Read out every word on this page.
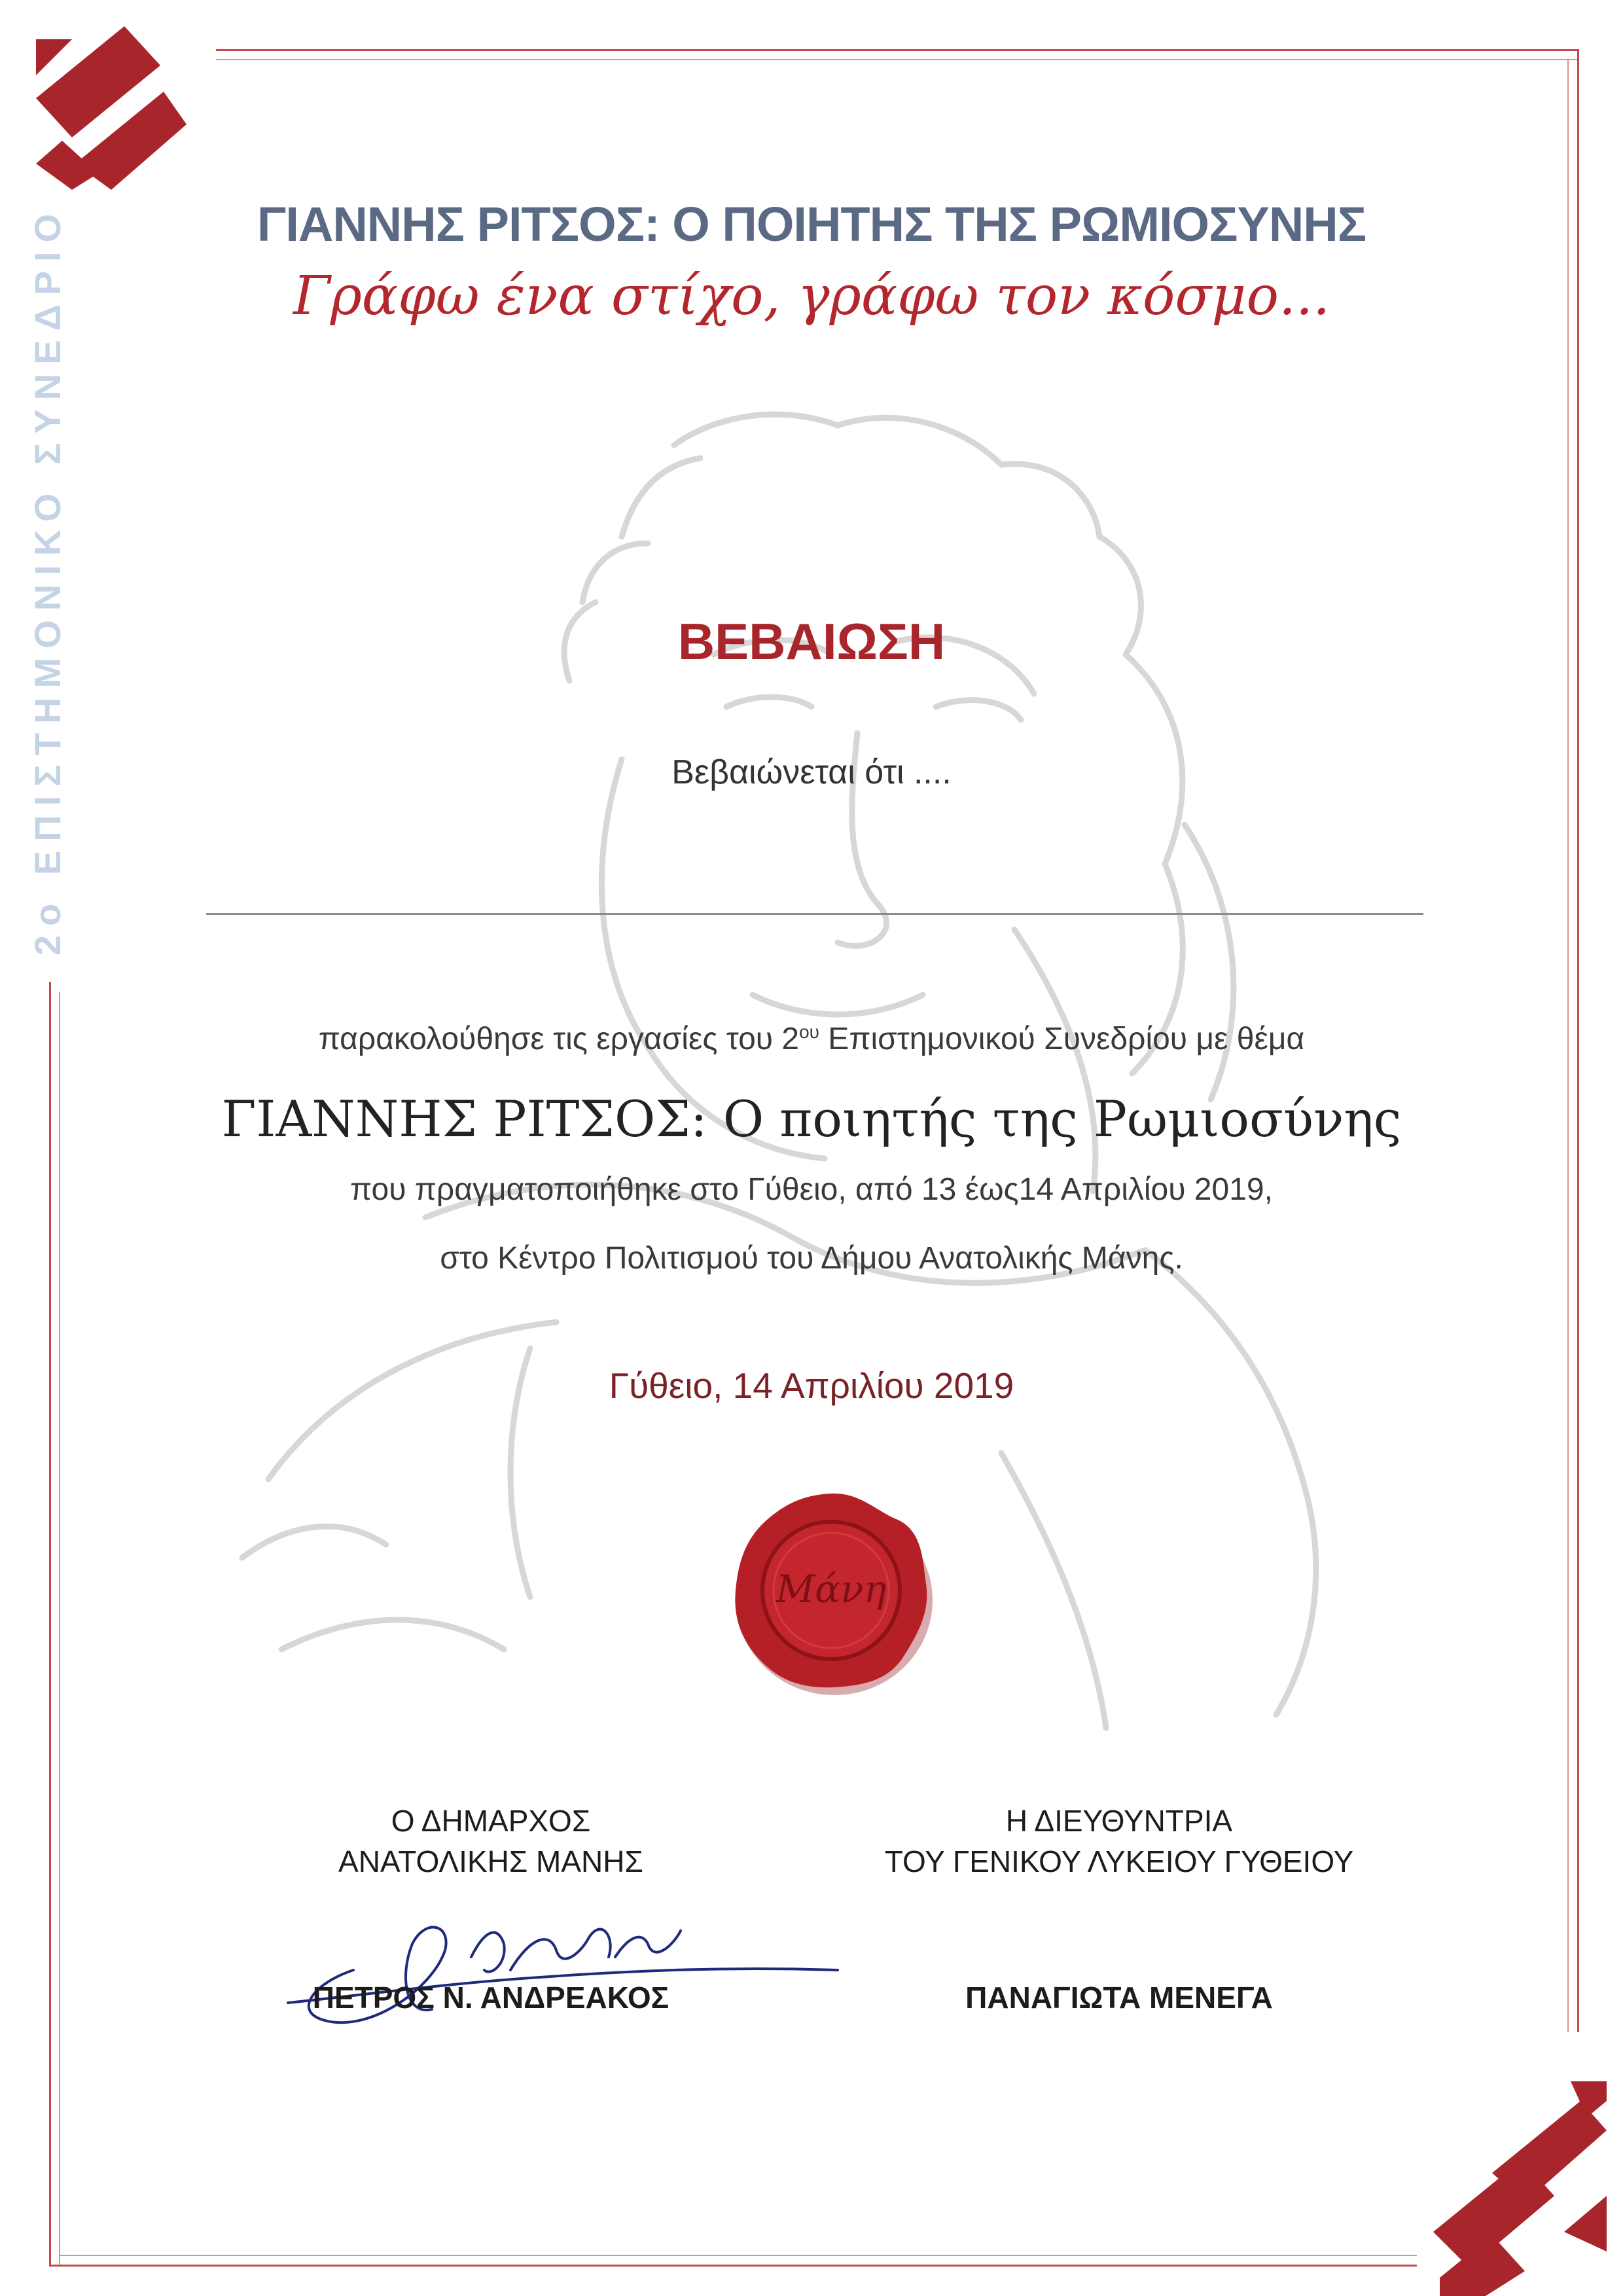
2ο ΕΠΙΣΤΗΜΟΝΙΚΟ ΣΥΝΕΔΡΙΟ	ΓΙΑΝΝΗΣ ΡΙΤΣΟΣ: Ο ΠΟΙΗΤΗΣ ΤΗΣ ΡΩΜΙΟΣΥΝΗΣ
Γράφω ένα στίχο, γράφω τον κόσμο...
ΒΕΒΑΙΩΣΗ
Βεβαιώνεται ότι ....
παρακολούθησε τις εργασίες του $2^{o\upsilon}$ Επιστημονικού Συνεδρίου με θέμα
ΓΙΑΝΝΗΣ ΡΙΤΣΟΣ: Ο ποιητής της Ρωμιοσύνης
που πραγματοποιήθηκε στο Γύθειο, από 13 έως14 Απριλίου 2019,
στο Κέντρο Πολιτισμού του Δήμου Ανατολικής Μάνης.
Γύθειο, 14 Απριλίου 2019
Μάνη
Ο ΔΗΜΑΡΧΟΣ
ΑΝΑΤΟΛΙΚΗΣ ΜΑΝΗΣ
ΠΕΤΡΟΣ Ν. ΑΝΔΡΕΑΚΟΣ
Η ΔΙΕΥΘΥΝΤΡΙΑ
ΤΟΥ ΓΕΝΙΚΟΥ ΛΥΚΕΙΟΥ ΓΥΘΕΙΟΥ
ΠΑΝΑΓΙΩΤΑ ΜΕΝΕΓΑ
